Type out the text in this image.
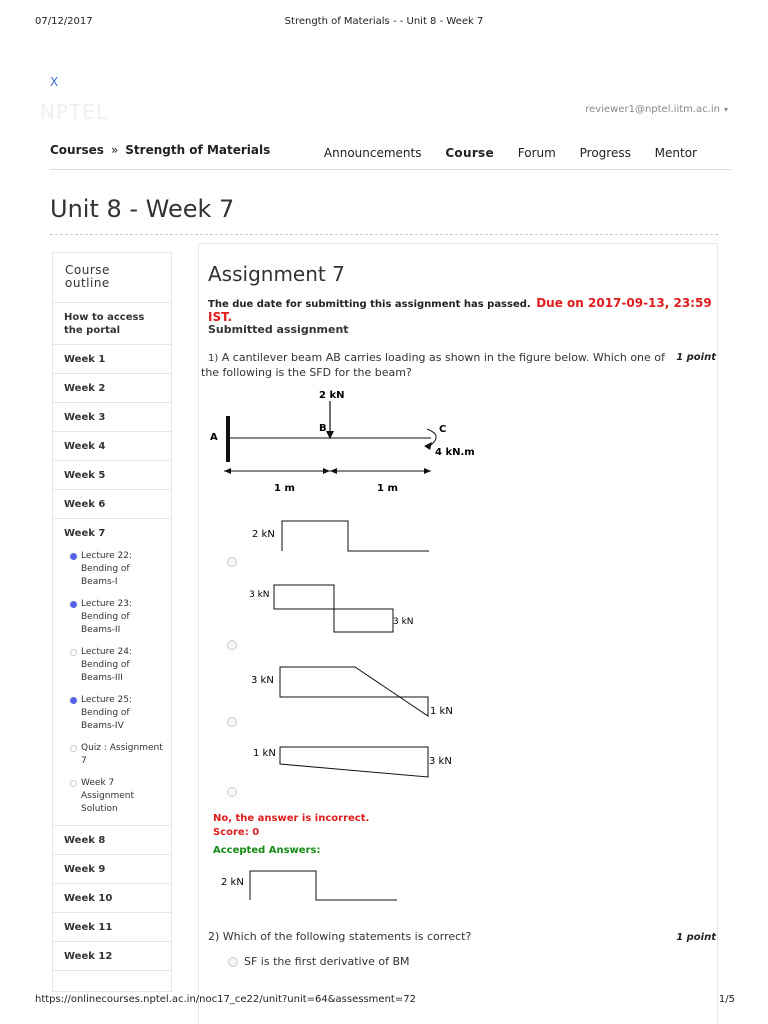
07/12/2017	Strength of Materials - - Unit 8 - Week 7
X
NPTEL	reviewer1@nptel.iitm.ac.in ▾
Courses » Strength of Materials	Announcements Course Forum Progress Mentor
Unit 8 - Week 7
Course outline
How to access the portal
Week 1
Week 2
Week 3
Week 4
Week 5
Week 6
Week 7
Lecture 22: Bending of Beams-I
Lecture 23: Bending of Beams-II
Lecture 24: Bending of Beams-III
Lecture 25: Bending of Beams-IV
Quiz : Assignment 7
Week 7 Assignment Solution
Week 8
Week 9
Week 10
Week 11
Week 12
Assignment 7
The due date for submitting this assignment has passed. Due on 2017-09-13, 23:59 IST.
Submitted assignment
1) A cantilever beam AB carries loading as shown in the figure below. Which one of the following is the SFD for the beam?
1 point
2 kN
A
B	C
4 kN.m
1 m	1 m
2 kN
3 kN
3 kN
3 kN
1 kN
1 kN
3 kN
No, the answer is incorrect.
Score: 0
Accepted Answers:
2 kN
2) Which of the following statements is correct?	1 point
SF is the first derivative of BM
https://onlinecourses.nptel.ac.in/noc17_ce22/unit?unit=64&assessment=72	1/5
